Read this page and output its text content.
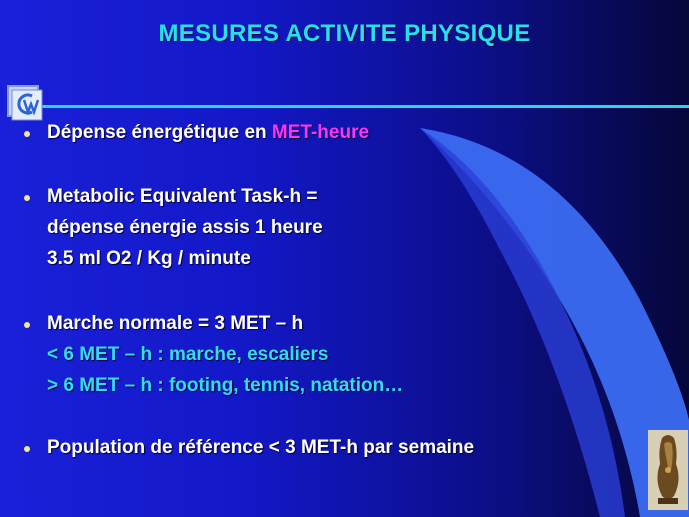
MESURES ACTIVITE PHYSIQUE
Dépense énergétique en MET-heure
Metabolic Equivalent Task-h =
dépense énergie assis 1 heure
3.5 ml O2 / Kg / minute
Marche normale = 3 MET – h
< 6 MET – h : marche, escaliers
> 6 MET – h : footing, tennis, natation…
Population de référence < 3 MET-h par semaine
